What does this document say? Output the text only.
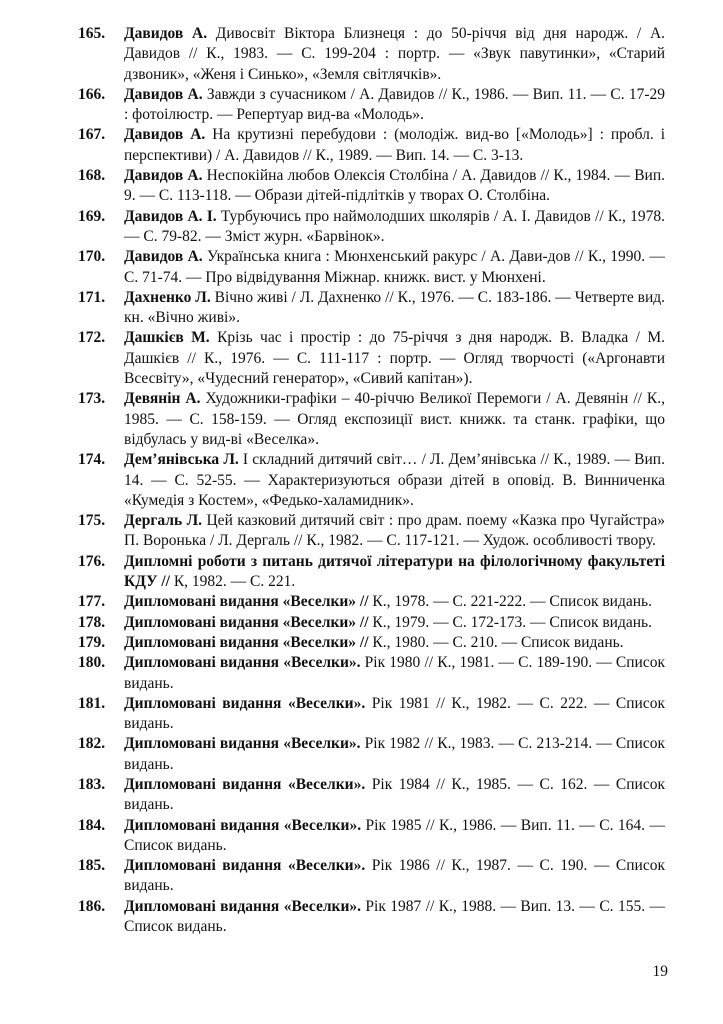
165.	Давидов А. Дивосвіт Віктора Близнеця : до 50-річчя від дня народж. / А. Давидов // К., 1983. — С. 199-204 : портр. — «Звук павутинки», «Старий дзвоник», «Женя і Синько», «Земля світлячків».
166.	Давидов А. Завжди з сучасником / А. Давидов // К., 1986. — Вип. 11. — С. 17-29 : фотоілюстр. — Репертуар вид-ва «Молодь».
167.	Давидов А. На крутизні перебудови : (молодіж. вид-во [«Молодь»] : пробл. і перспективи) / А. Давидов // К., 1989. — Вип. 14. — С. 3-13.
168.	Давидов А. Неспокійна любов Олексія Столбіна / А. Давидов // К., 1984. — Вип. 9. — С. 113-118. — Образи дітей-підлітків у творах О. Столбіна.
169.	Давидов А. І. Турбуючись про наймолодших школярів / А. І. Давидов // К., 1978. — С. 79-82. — Зміст журн. «Барвінок».
170.	Давидов А. Українська книга : Мюнхенський ракурс / А. Дави-дов // К., 1990. — С. 71-74. — Про відвідування Міжнар. книжк. вист. у Мюнхені.
171.	Дахненко Л. Вічно живі / Л. Дахненко // К., 1976. — С. 183-186. — Четверте вид. кн. «Вічно живі».
172.	Дашкієв М. Крізь час і простір : до 75-річчя з дня народж. В. Владка / М. Дашкієв // К., 1976. — С. 111-117 : портр. — Огляд творчості («Аргонавти Всесвіту», «Чудесний генератор», «Сивий капітан»).
173.	Девянін А. Художники-графіки – 40-річчю Великої Перемоги / А. Девянін // К., 1985. — С. 158-159. — Огляд експозиції вист. книжк. та станк. графіки, що відбулась у вид-ві «Веселка».
174.	Дем’янівська Л. І складний дитячий світ… / Л. Дем’янівська // К., 1989. — Вип. 14. — С. 52-55. — Характеризуються образи дітей в оповід. В. Винниченка «Кумедія з Костем», «Федько-халамидник».
175.	Дергаль Л. Цей казковий дитячий світ : про драм. поему «Казка про Чугайстра» П. Воронька / Л. Дергаль // К., 1982. — С. 117-121. — Худож. особливості твору.
176.	Дипломні роботи з питань дитячої літератури на філологічному факультеті КДУ // К, 1982. — С. 221.
177.	Дипломовані видання «Веселки» // К., 1978. — С. 221-222. — Список видань.
178.	Дипломовані видання «Веселки» // К., 1979. — С. 172-173. — Список видань.
179.	Дипломовані видання «Веселки» // К., 1980. — С. 210. — Список видань.
180.	Дипломовані видання «Веселки». Рік 1980 // К., 1981. — С. 189-190. — Список видань.
181.	Дипломовані видання «Веселки». Рік 1981 // К., 1982. — С. 222. — Список видань.
182.	Дипломовані видання «Веселки». Рік 1982 // К., 1983. — С. 213-214. — Список видань.
183.	Дипломовані видання «Веселки». Рік 1984 // К., 1985. — С. 162. — Список видань.
184.	Дипломовані видання «Веселки». Рік 1985 // К., 1986. — Вип. 11. — С. 164. — Список видань.
185.	Дипломовані видання «Веселки». Рік 1986 // К., 1987. — С. 190. — Список видань.
186.	Дипломовані видання «Веселки». Рік 1987 // К., 1988. — Вип. 13. — С. 155. — Список видань.
19
